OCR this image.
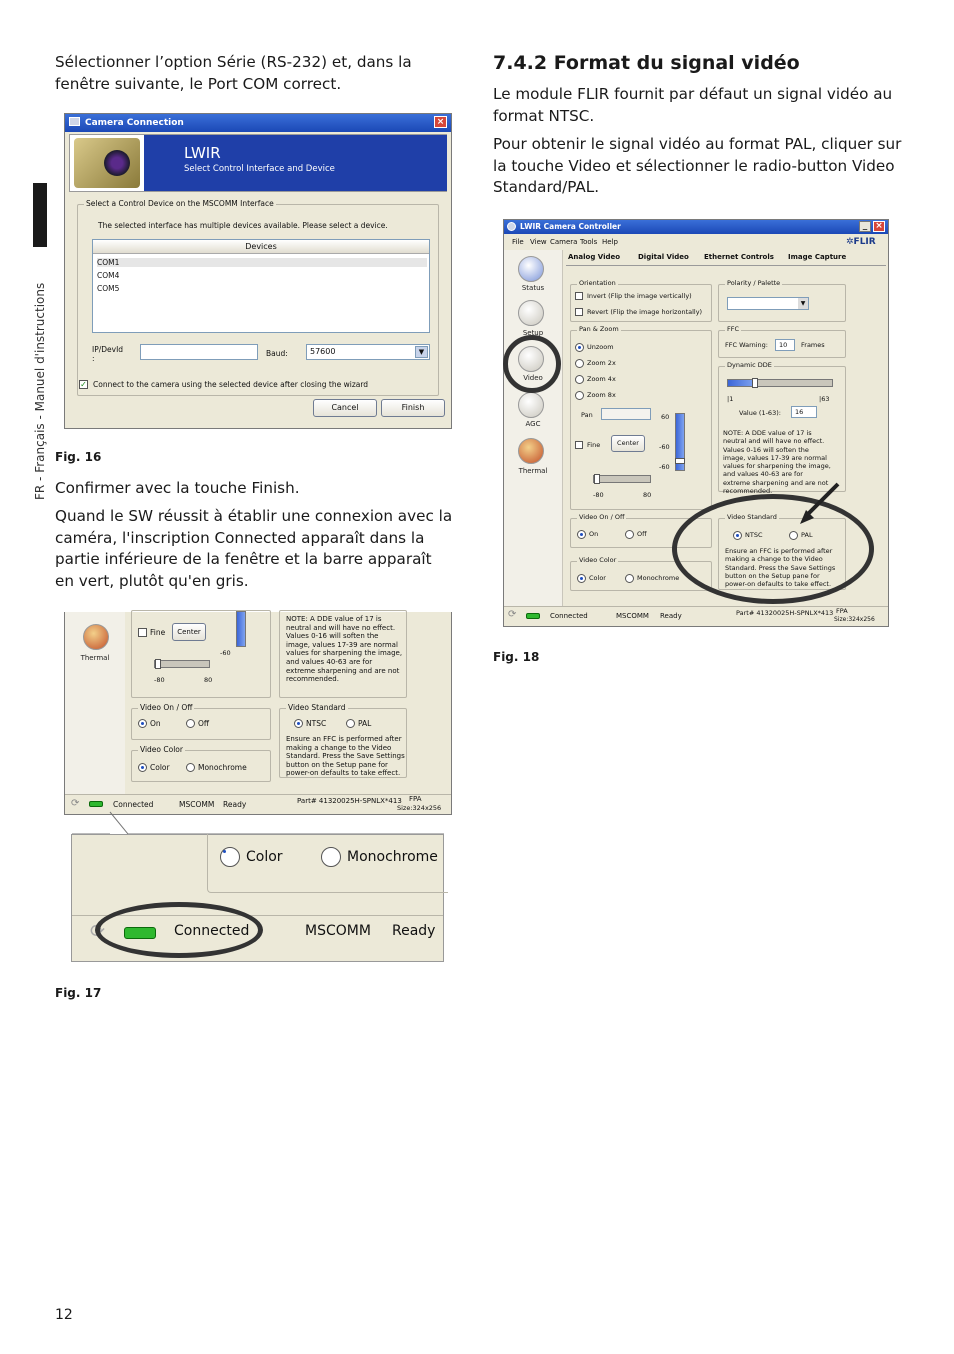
FR - Français - Manuel d'instructions
12

Sélectionner l’option Série (RS-232) et, dans la fenêtre suivante, le Port COM correct.

Fig. 16

Confirmer avec la touche Finish.

Quand le SW réussit à établir une connexion avec la caméra, l'inscription Connected apparaît dans la partie inférieure de la fenêtre et la barre apparaît en vert, plutôt qu'en gris.

Fig. 17
7.4.2 Format du signal vidéo

Le module FLIR fournit par défaut un signal vidéo au format NTSC.

Pour obtenir le signal vidéo au format PAL, cliquer sur la touche Video et sélectionner le radio-button Video Standard/PAL.

Fig. 18
Camera Connection	×
LWIR
Select Control Interface and Device
Select a Control Device on the MSCOMM Interface
The selected interface has multiple devices available. Please select a device.
Devices
COM1
COM4
COM5
IP/DevId
:
Baud:	57600	▼
✓ Connect to the camera using the selected device after closing the wizard
Cancel	Finish
Thermal
Fine	Center
-60
-80	80
NOTE: A DDE value of 17 is
neutral and will have no effect.
Values 0-16 will soften the
image, values 17-39 are normal
values for sharpening the image,
and values 40-63 are for
extreme sharpening and are not
recommended.
Video On / Off
On	Off
Video Standard
NTSC	PAL
Ensure an FFC is performed after
making a change to the Video
Standard. Press the Save Settings
button on the Setup pane for
power-on defaults to take effect.
Video Color
Color	Monochrome
⟳	Connected	MSCOMM Ready	Part# 41320025H-SPNLX*413 FPA
Size:324x256
Color	Monochrome
⟳	Connected	MSCOMM Ready
LWIR Camera Controller	_ ×
File View Camera Tools Help	✲FLIR
Status
Setup
Video
AGC
Thermal
Analog Video	Digital Video Ethernet Controls Image Capture
Orientation
Invert (Flip the image vertically)
Revert (Flip the image horizontally)
Polarity / Palette
▼
Pan & Zoom
Unzoom
Zoom 2x
Zoom 4x
Zoom 8x
Pan	60
Fine	Center	-60
-60
-80	80
FFC
FFC Warning:	10	Frames
Dynamic DDE
|1	|63
Value (1-63):	16
NOTE: A DDE value of 17 is
neutral and will have no effect.
Values 0-16 will soften the
image, values 17-39 are normal
values for sharpening the image,
and values 40-63 are for
extreme sharpening and are not
recommended.
Video On / Off
On	Off
Video Standard
NTSC	PAL
Ensure an FFC is performed after
making a change to the Video
Standard. Press the Save Settings
button on the Setup pane for
power-on defaults to take effect.
Video Color
Color	Monochrome
⟳	Connected	MSCOMM Ready	Part# 41320025H-SPNLX*413 FPA
Size:324x256
